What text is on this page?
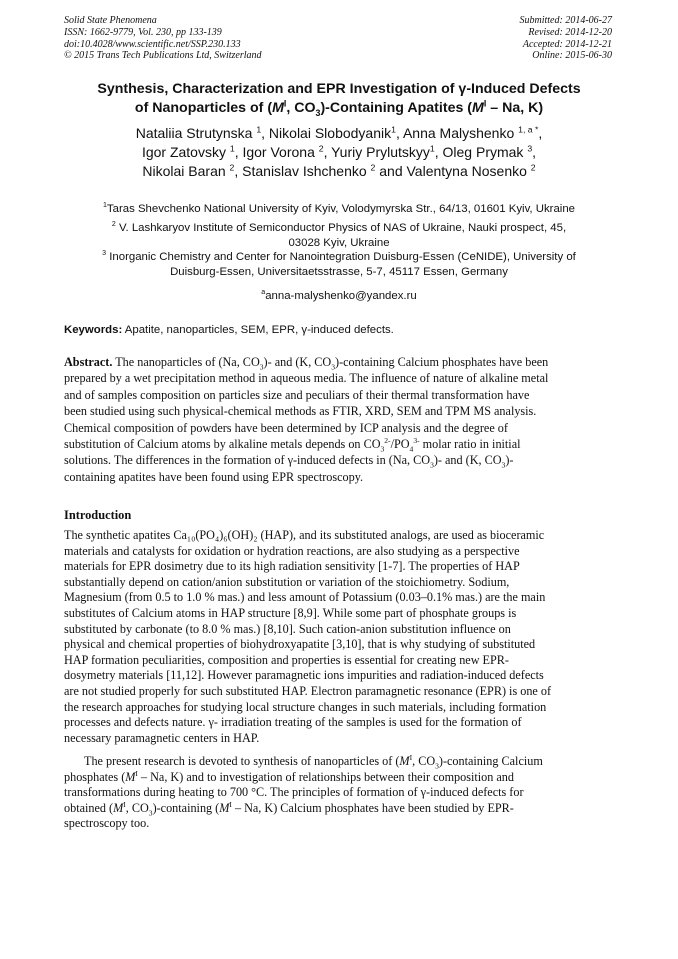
Solid State Phenomena
ISSN: 1662-9779, Vol. 230, pp 133-139
doi:10.4028/www.scientific.net/SSP.230.133
© 2015 Trans Tech Publications Ltd, Switzerland
Submitted: 2014-06-27
Revised: 2014-12-20
Accepted: 2014-12-21
Online: 2015-06-30
Synthesis, Characterization and EPR Investigation of γ-Induced Defects
of Nanoparticles of ($M^I$, $CO_3$)-Containing Apatites ($M^I$ – Na, K)
Nataliia Strutynska $^1$, Nikolai Slobodyanik$^1$, Anna Malyshenko $^{1, a *}$,
Igor Zatovsky $^1$, Igor Vorona $^2$, Yuriy Prylutskyy$^1$, Oleg Prymak $^3$,
Nikolai Baran $^2$, Stanislav Ishchenko $^2$ and Valentyna Nosenko $^2$
$^1$Taras Shevchenko National University of Kyiv, Volodymyrska Str., 64/13, 01601 Kyiv, Ukraine
$^2$ V. Lashkaryov Institute of Semiconductor Physics of NAS of Ukraine, Nauki prospect, 45,
03028 Kyiv, Ukraine
$^3$ Inorganic Chemistry and Center for Nanointegration Duisburg-Essen (CeNIDE), University of
Duisburg-Essen, Universitaetsstrasse, 5-7, 45117 Essen, Germany
$^a$anna-malyshenko@yandex.ru
Keywords: Apatite, nanoparticles, SEM, EPR, γ-induced defects.
Abstract. The nanoparticles of (Na, $CO_3)-$ and (K, $CO_3$)-containing Calcium phosphates have been
prepared by a wet precipitation method in aqueous media. The influence of nature of alkaline metal
and of samples composition on particles size and peculiars of their thermal transformation have
been studied using such physical-chemical methods as FTIR, XRD, SEM and TPM MS analysis.
Chemical composition of powders have been determined by ICP analysis and the degree of
substitution of Calcium atoms by alkaline metals depends on $CO_3^{2-}/PO_4^{3-}$ molar ratio in initial
solutions. The differences in the formation of γ-induced defects in (Na, $CO_3)-$ and (K, $CO_3)-$
containing apatites have been found using EPR spectroscopy.
Introduction
The synthetic apatites Ca₁₀(PO₄)₆(OH)₂ (HAP), and its substituted analogs, are used as bioceramic
materials and catalysts for oxidation or hydration reactions, are also studying as a perspective
materials for EPR dosimetry due to its high radiation sensitivity [1-7]. The properties of HAP
substantially depend on cation/anion substitution or variation of the stoichiometry. Sodium,
Magnesium (from 0.5 to 1.0 % mas.) and less amount of Potassium (0.03–0.1% mas.) are the main
substitutes of Calcium atoms in HAP structure [8,9]. While some part of phosphate groups is
substituted by carbonate (to 8.0 % mas.) [8,10]. Such cation-anion substitution influence on
physical and chemical properties of biohydroxyapatite [3,10], that is why studying of substituted
HAP formation peculiarities, composition and properties is essential for creating new EPR-
dosymetry materials [11,12]. However paramagnetic ions impurities and radiation-induced defects
are not studied properly for such substituted HAP. Electron paramagnetic resonance (EPR) is one of
the research approaches for studying local structure changes in such materials, including formation
processes and defects nature. γ- irradiation treating of the samples is used for the formation of
necessary paramagnetic centers in HAP.
The present research is devoted to synthesis of nanoparticles of ($M^I$, $CO_3$)-containing Calcium
phosphates ($M^I$ – Na, K) and to investigation of relationships between their composition and
transformations during heating to 700 °C. The principles of formation of γ-induced defects for
obtained ($M^I$, $CO_3$)-containing ($M^I$ – Na, K) Calcium phosphates have been studied by EPR-
spectroscopy too.
